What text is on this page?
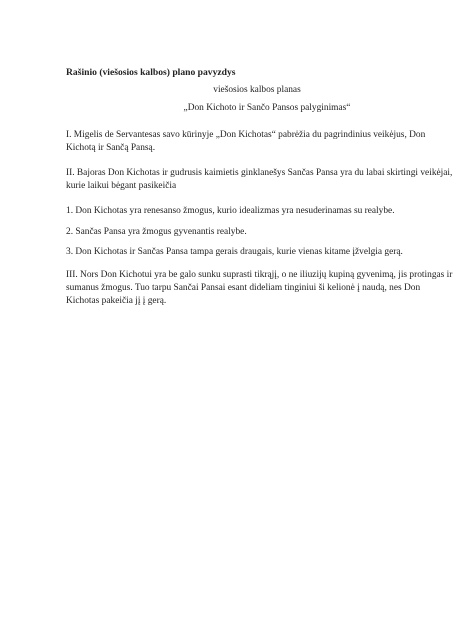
Rašinio (viešosios kalbos) plano pavyzdys
viešosios kalbos planas
„Don Kichoto ir Sančo Pansos palyginimas“
I. Migelis de Servantesas savo kūrinyje „Don Kichotas“ pabrėžia du pagrindinius veikėjus, Don
Kichotą ir Sančą Pansą.
II. Bajoras Don Kichotas ir gudrusis kaimietis ginklanešys Sančas Pansa yra du labai skirtingi veikėjai,
kurie laikui bėgant pasikeičia
1. Don Kichotas yra renesanso žmogus, kurio idealizmas yra nesuderinamas su realybe.
2. Sančas Pansa yra žmogus gyvenantis realybe.
3. Don Kichotas ir Sančas Pansa tampa gerais draugais, kurie vienas kitame įžvelgia gerą.
III. Nors Don Kichotui yra be galo sunku suprasti tikrąjį, o ne iliuzijų kupiną gyvenimą, jis protingas ir
sumanus žmogus. Tuo tarpu Sančai Pansai esant dideliam tinginiui ši kelionė į naudą, nes Don
Kichotas pakeičia jį į gerą.
